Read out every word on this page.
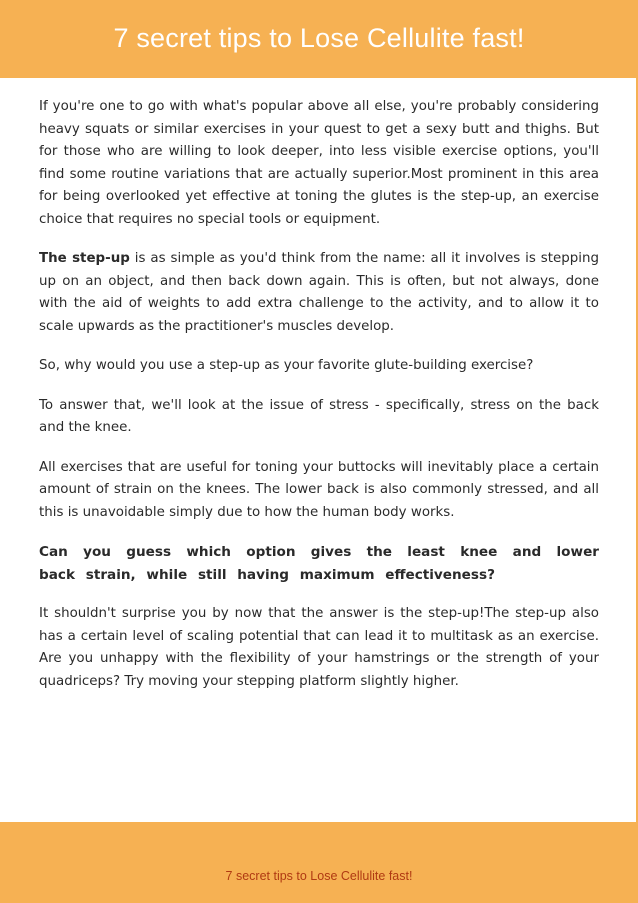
7 secret tips to Lose Cellulite fast!

If you're one to go with what's popular above all else, you're probably considering heavy squats or similar exercises in your quest to get a sexy butt and thighs. But for those who are willing to look deeper, into less visible exercise options, you'll find some routine variations that are actually superior.Most prominent in this area for being overlooked yet effective at toning the glutes is the step-up, an exercise choice that requires no special tools or equipment.

The step-up is as simple as you'd think from the name: all it involves is stepping up on an object, and then back down again. This is often, but not always, done with the aid of weights to add extra challenge to the activity, and to allow it to scale upwards as the practitioner's muscles develop.

So, why would you use a step-up as your favorite glute-building exercise?

To answer that, we'll look at the issue of stress - specifically, stress on the back and the knee.

All exercises that are useful for toning your buttocks will inevitably place a certain amount of strain on the knees. The lower back is also commonly stressed, and all this is unavoidable simply due to how the human body works.

Can you guess which option gives the least knee and lower back strain, while still having maximum effectiveness?

It shouldn't surprise you by now that the answer is the step-up!The step-up also has a certain level of scaling potential that can lead it to multitask as an exercise. Are you unhappy with the flexibility of your hamstrings or the strength of your quadriceps? Try moving your stepping platform slightly higher.

7 secret tips to Lose Cellulite fast!
